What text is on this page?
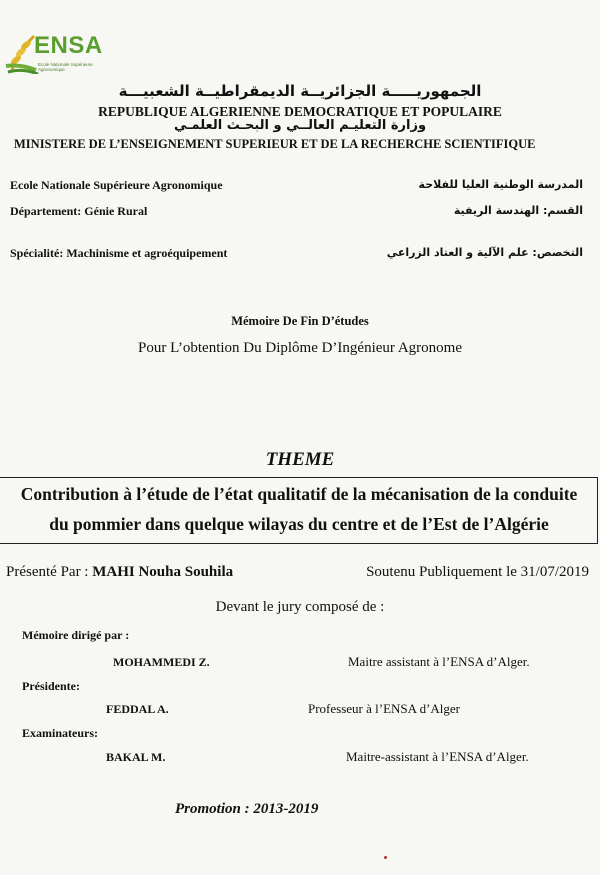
ENSA
Ecole Nationale Supérieure Agronomique
الجمهوريـــــة الجزائريــة الديمقراطيــة الشعبيـــة
REPUBLIQUE ALGERIENNE DEMOCRATIQUE ET POPULAIRE
وزارة التعليـم العالــي و البحـث العلمـي
MINISTERE DE L’ENSEIGNEMENT SUPERIEUR ET DE LA RECHERCHE SCIENTIFIQUE
Ecole Nationale Supérieure Agronomique	المدرسة الوطنية العليا للفلاحة
Département: Génie Rural	القسم: الهندسة الريفية
Spécialité: Machinisme et agroéquipement	التخصص: علم الآلية و العتاد الزراعي
Mémoire De Fin D’études
Pour L’obtention Du Diplôme D’Ingénieur Agronome
THEME
Contribution à l’étude de l’état qualitatif de la mécanisation de la conduite
du pommier dans quelque wilayas du centre et de l’Est de l’Algérie
Présenté Par : MAHI Nouha Souhila	Soutenu Publiquement le 31/07/2019
Devant le jury composé de :
Mémoire dirigé par :
MOHAMMEDI Z.	Maitre assistant à l’ENSA d’Alger.
Présidente:
FEDDAL A.	Professeur à l’ENSA d’Alger
Examinateurs:
BAKAL M.	Maitre-assistant à l’ENSA d’Alger.
Promotion : 2013-2019
